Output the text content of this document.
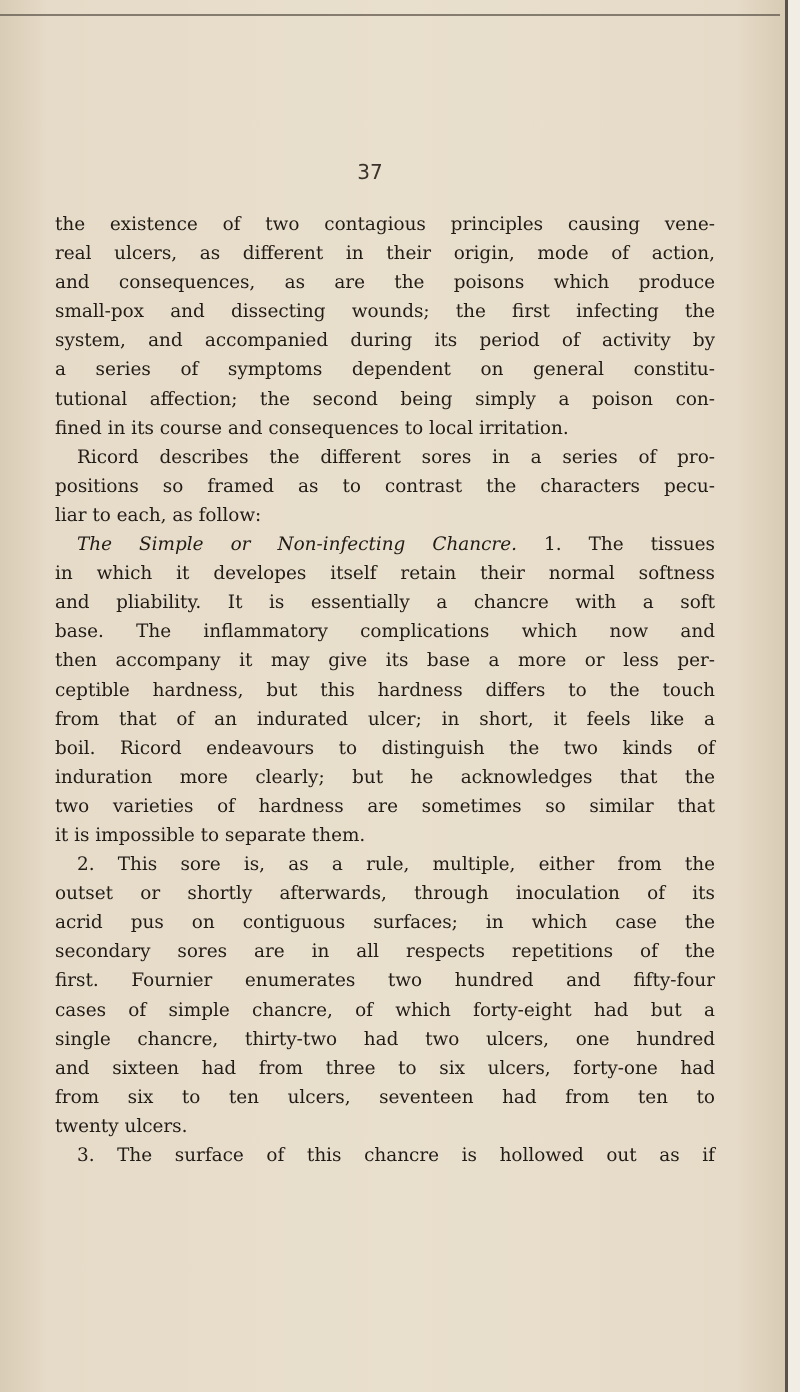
37
the existence of two contagious principles causing vene-
real ulcers, as different in their origin, mode of action,
and consequences, as are the poisons which produce
small-pox and dissecting wounds; the first infecting the
system, and accompanied during its period of activity by
a series of symptoms dependent on general constitu-
tutional affection; the second being simply a poison con-
fined in its course and consequences to local irritation.
Ricord describes the different sores in a series of pro-
positions so framed as to contrast the characters pecu-
liar to each, as follow:
The Simple or Non-infecting Chancre. 1. The tissues
in which it developes itself retain their normal softness
and pliability. It is essentially a chancre with a soft
base. The inflammatory complications which now and
then accompany it may give its base a more or less per-
ceptible hardness, but this hardness differs to the touch
from that of an indurated ulcer; in short, it feels like a
boil. Ricord endeavours to distinguish the two kinds of
induration more clearly; but he acknowledges that the
two varieties of hardness are sometimes so similar that
it is impossible to separate them.
2. This sore is, as a rule, multiple, either from the
outset or shortly afterwards, through inoculation of its
acrid pus on contiguous surfaces; in which case the
secondary sores are in all respects repetitions of the
first. Fournier enumerates two hundred and fifty-four
cases of simple chancre, of which forty-eight had but a
single chancre, thirty-two had two ulcers, one hundred
and sixteen had from three to six ulcers, forty-one had
from six to ten ulcers, seventeen had from ten to
twenty ulcers.
3. The surface of this chancre is hollowed out as if
